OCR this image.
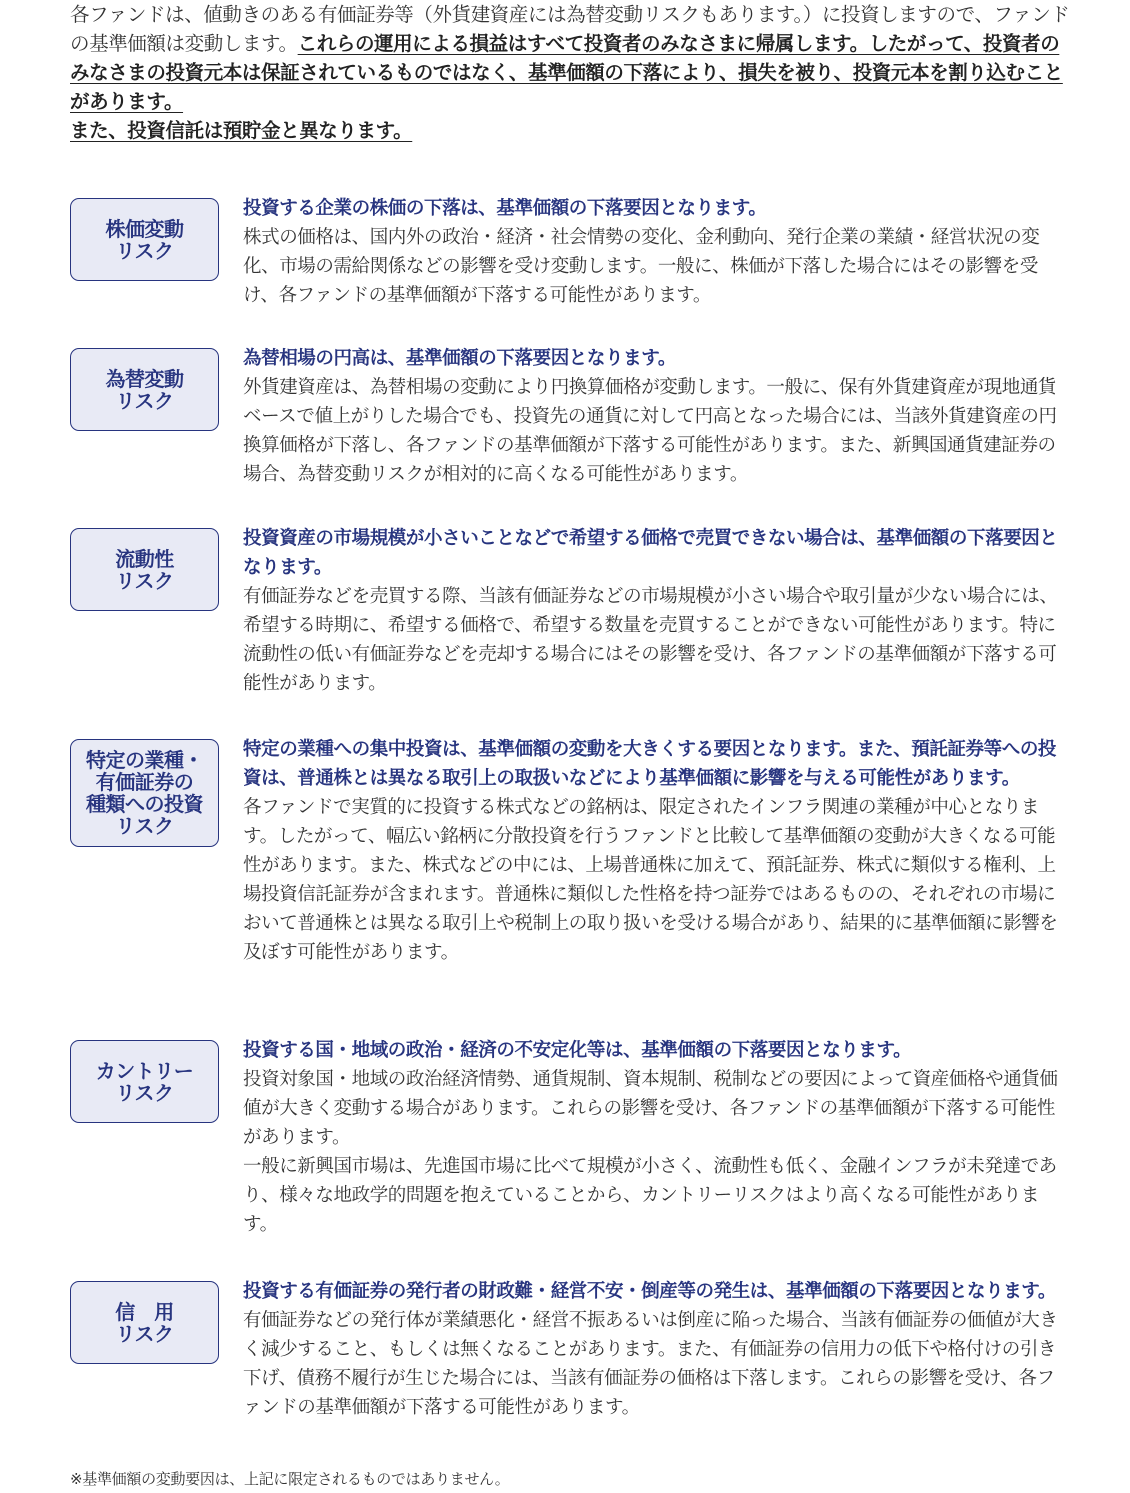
各ファンドは、値動きのある有価証券等（外貨建資産には為替変動リスクもあります。）に投資しますので、ファンドの基準価額は変動します。これらの運用による損益はすべて投資者のみなさまに帰属します。したがって、投資者のみなさまの投資元本は保証されているものではなく、基準価額の下落により、損失を被り、投資元本を割り込むことがあります。
また、投資信託は預貯金と異なります。

株価変動
リスク

投資する企業の株価の下落は、基準価額の下落要因となります。

株式の価格は、国内外の政治・経済・社会情勢の変化、金利動向、発行企業の業績・経営状況の変化、市場の需給関係などの影響を受け変動します。一般に、株価が下落した場合にはその影響を受け、各ファンドの基準価額が下落する可能性があります。

為替変動
リスク

為替相場の円高は、基準価額の下落要因となります。

外貨建資産は、為替相場の変動により円換算価格が変動します。一般に、保有外貨建資産が現地通貨ベースで値上がりした場合でも、投資先の通貨に対して円高となった場合には、当該外貨建資産の円換算価格が下落し、各ファンドの基準価額が下落する可能性があります。また、新興国通貨建証券の場合、為替変動リスクが相対的に高くなる可能性があります。

流動性
リスク

投資資産の市場規模が小さいことなどで希望する価格で売買できない場合は、基準価額の下落要因となります。

有価証券などを売買する際、当該有価証券などの市場規模が小さい場合や取引量が少ない場合には、希望する時期に、希望する価格で、希望する数量を売買することができない可能性があります。特に流動性の低い有価証券などを売却する場合にはその影響を受け、各ファンドの基準価額が下落する可能性があります。

特定の業種・
有価証券の
種類への投資
リスク

特定の業種への集中投資は、基準価額の変動を大きくする要因となります。また、預託証券等への投資は、普通株とは異なる取引上の取扱いなどにより基準価額に影響を与える可能性があります。

各ファンドで実質的に投資する株式などの銘柄は、限定されたインフラ関連の業種が中心となります。したがって、幅広い銘柄に分散投資を行うファンドと比較して基準価額の変動が大きくなる可能性があります。また、株式などの中には、上場普通株に加えて、預託証券、株式に類似する権利、上場投資信託証券が含まれます。普通株に類似した性格を持つ証券ではあるものの、それぞれの市場において普通株とは異なる取引上や税制上の取り扱いを受ける場合があり、結果的に基準価額に影響を及ぼす可能性があります。

カントリー
リスク

投資する国・地域の政治・経済の不安定化等は、基準価額の下落要因となります。

投資対象国・地域の政治経済情勢、通貨規制、資本規制、税制などの要因によって資産価格や通貨価値が大きく変動する場合があります。これらの影響を受け、各ファンドの基準価額が下落する可能性があります。

一般に新興国市場は、先進国市場に比べて規模が小さく、流動性も低く、金融インフラが未発達であり、様々な地政学的問題を抱えていることから、カントリーリスクはより高くなる可能性があります。

信　用
リスク

投資する有価証券の発行者の財政難・経営不安・倒産等の発生は、基準価額の下落要因となります。

有価証券などの発行体が業績悪化・経営不振あるいは倒産に陥った場合、当該有価証券の価値が大きく減少すること、もしくは無くなることがあります。また、有価証券の信用力の低下や格付けの引き下げ、債務不履行が生じた場合には、当該有価証券の価格は下落します。これらの影響を受け、各ファンドの基準価額が下落する可能性があります。

※基準価額の変動要因は、上記に限定されるものではありません。
